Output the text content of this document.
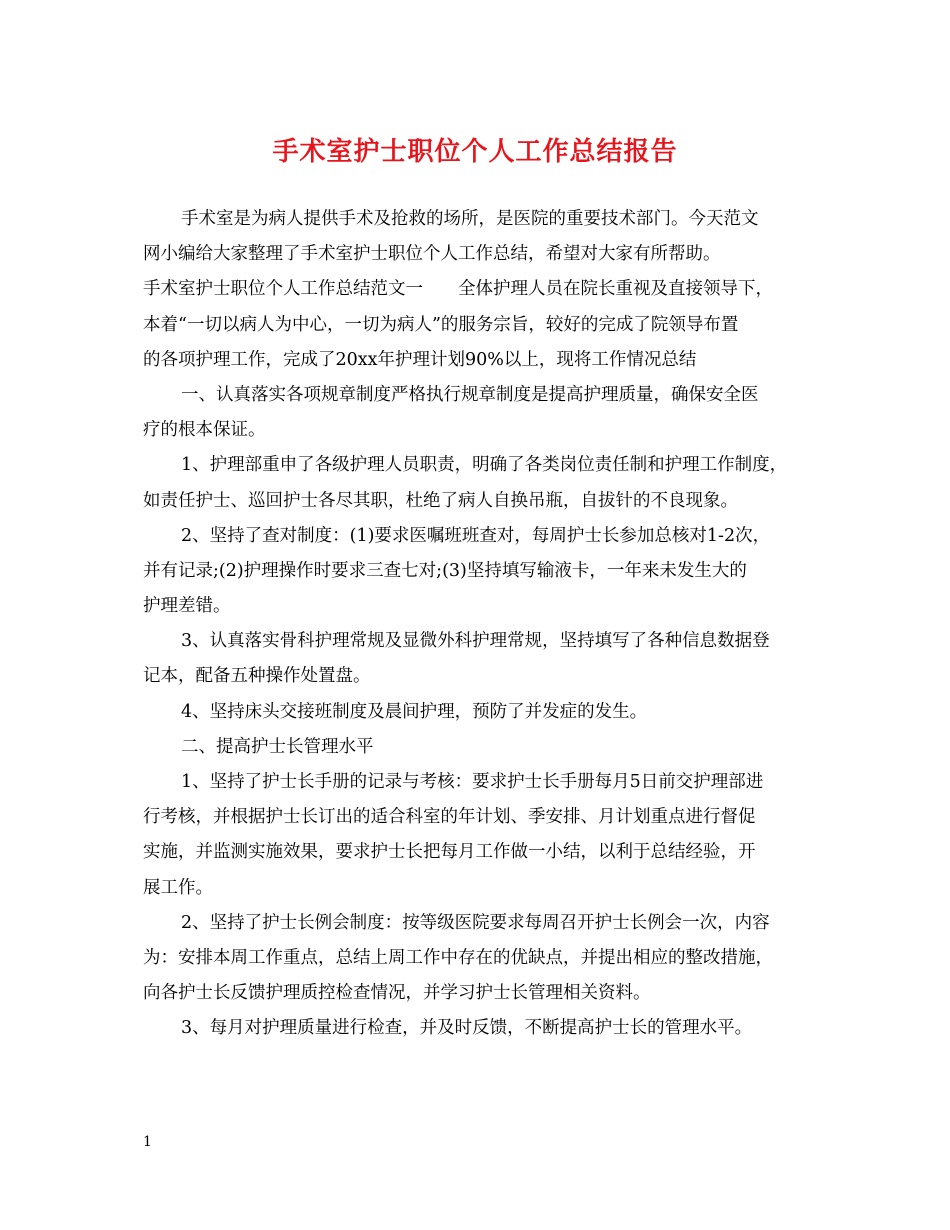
手术室护士职位个人工作总结报告
手术室是为病人提供手术及抢救的场所，是医院的重要技术部门。今天范文
网小编给大家整理了手术室护士职位个人工作总结，希望对大家有所帮助。
手术室护士职位个人工作总结范文一　　全体护理人员在院长重视及直接领导下，
本着“一切以病人为中心，一切为病人”的服务宗旨，较好的完成了院领导布置
的各项护理工作，完成了20xx年护理计划90%以上，现将工作情况总结
一、认真落实各项规章制度严格执行规章制度是提高护理质量，确保安全医
疗的根本保证。
1、护理部重申了各级护理人员职责，明确了各类岗位责任制和护理工作制度，
如责任护士、巡回护士各尽其职，杜绝了病人自换吊瓶，自拔针的不良现象。
2、坚持了查对制度：(1)要求医嘱班班查对，每周护士长参加总核对1-2次，
并有记录;(2)护理操作时要求三查七对;(3)坚持填写输液卡，一年来未发生大的
护理差错。
3、认真落实骨科护理常规及显微外科护理常规，坚持填写了各种信息数据登
记本，配备五种操作处置盘。
4、坚持床头交接班制度及晨间护理，预防了并发症的发生。
二、提高护士长管理水平
1、坚持了护士长手册的记录与考核：要求护士长手册每月5日前交护理部进
行考核，并根据护士长订出的适合科室的年计划、季安排、月计划重点进行督促
实施，并监测实施效果，要求护士长把每月工作做一小结，以利于总结经验，开
展工作。
2、坚持了护士长例会制度：按等级医院要求每周召开护士长例会一次，内容
为：安排本周工作重点，总结上周工作中存在的优缺点，并提出相应的整改措施，
向各护士长反馈护理质控检查情况，并学习护士长管理相关资料。
3、每月对护理质量进行检查，并及时反馈，不断提高护士长的管理水平。
1
